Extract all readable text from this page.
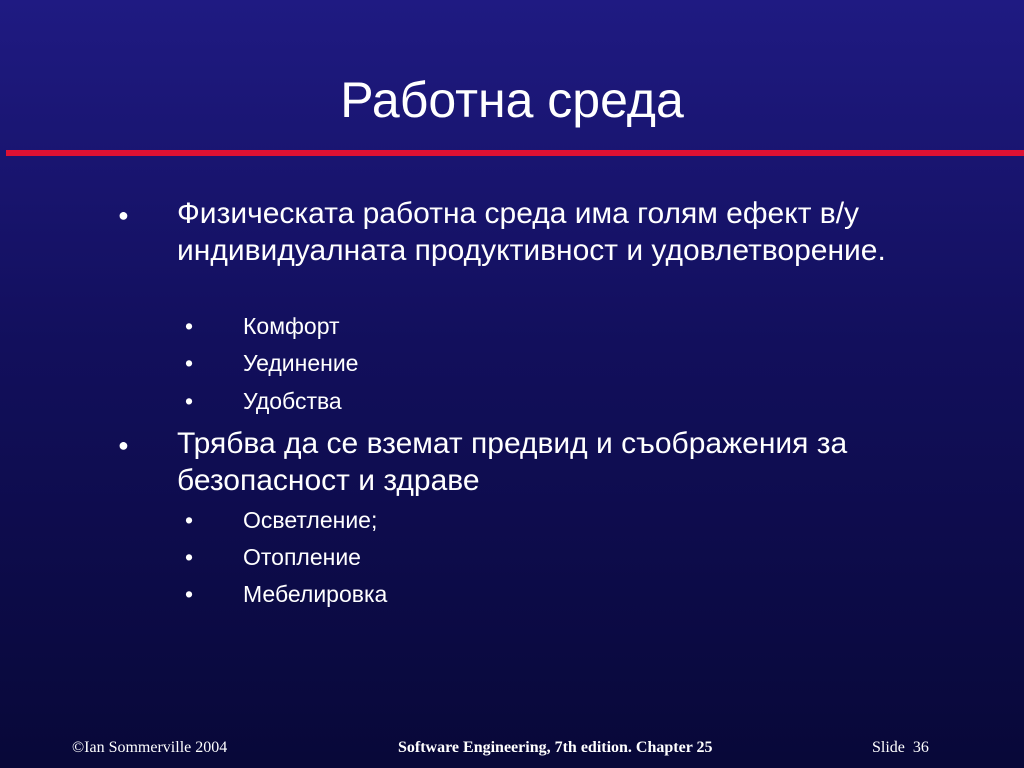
Работна среда
●	Физическата работна среда има голям ефект в/у индивидуалната продуктивност и удовлетворение.
•	Комфорт
•	Уединение
•	Удобства
●	Трябва да се вземат предвид и съображения за безопасност и здраве
•	Осветление;
•	Отопление
•	Мебелировка
©Ian Sommerville 2004	Software Engineering, 7th edition. Chapter 25	Slide 36
